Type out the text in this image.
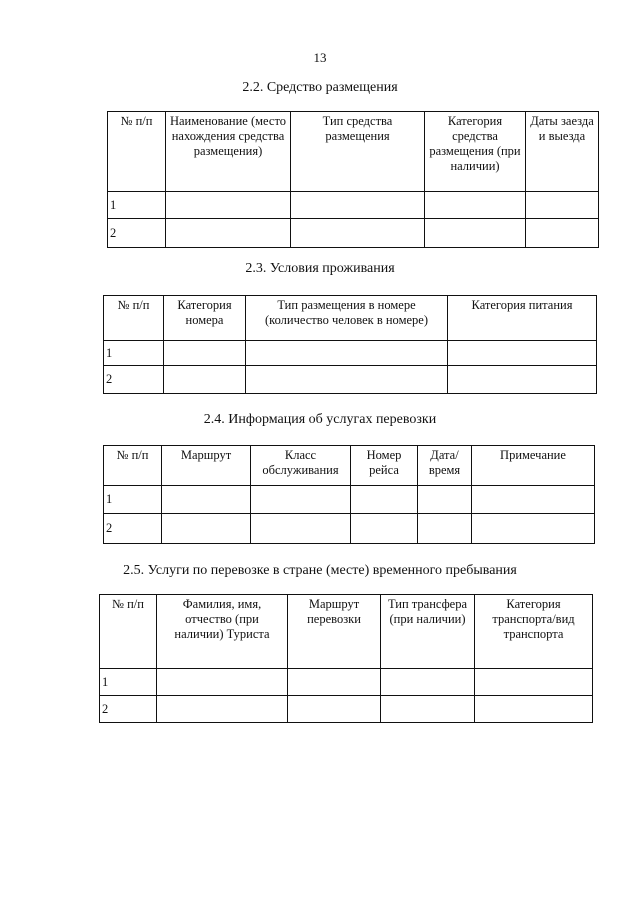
13
2.2. Средство размещения
№ п/п	Наименование (место нахождения средства размещения)	Тип средства размещения	Категория средства размещения (при наличии)	Даты заезда и выезда
1				
2				
2.3. Условия проживания
№ п/п	Категория номера	Тип размещения в номере (количество человек в номере)	Категория питания
1			
2			
2.4. Информация об услугах перевозки
№ п/п	Маршрут	Класс обслуживания	Номер рейса	Дата/ время	Примечание
1					
2					
2.5. Услуги по перевозке в стране (месте) временного пребывания
№ п/п	Фамилия, имя, отчество (при наличии) Туриста	Маршрут перевозки	Тип трансфера (при наличии)	Категория транспорта/вид транспорта
1				
2				
